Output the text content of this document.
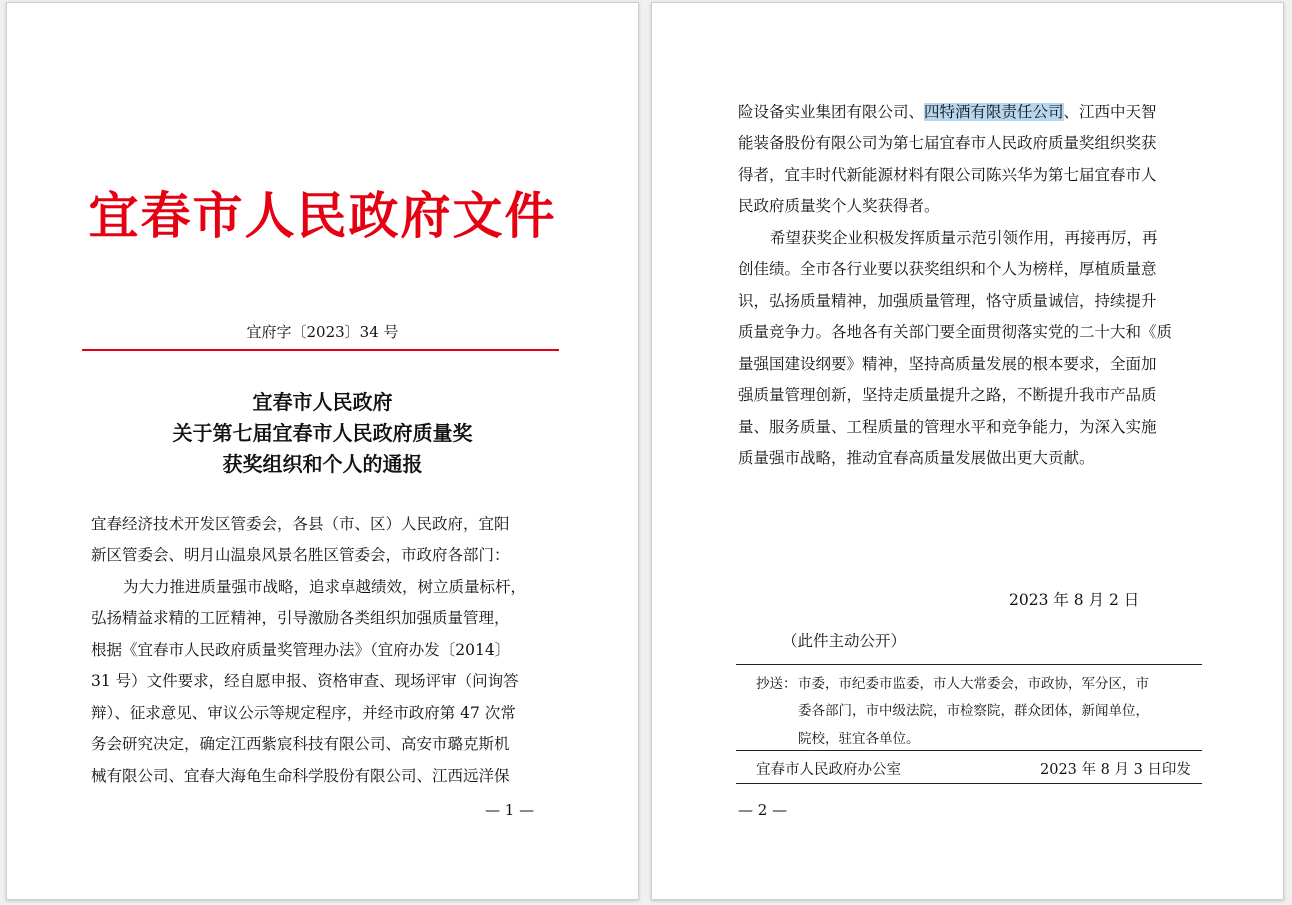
宜春市人民政府文件
宜府字〔2023〕34 号
宜春市人民政府
关于第七届宜春市人民政府质量奖
获奖组织和个人的通报
宜春经济技术开发区管委会，各县（市、区）人民政府，宜阳
新区管委会、明月山温泉风景名胜区管委会，市政府各部门：
为大力推进质量强市战略，追求卓越绩效，树立质量标杆，
弘扬精益求精的工匠精神，引导激励各类组织加强质量管理，
根据《宜春市人民政府质量奖管理办法》（宜府办发〔2014〕
31 号）文件要求，经自愿申报、资格审查、现场评审（问询答
辩）、征求意见、审议公示等规定程序，并经市政府第 47 次常
务会研究决定，确定江西紫宸科技有限公司、高安市璐克斯机
械有限公司、宜春大海龟生命科学股份有限公司、江西远洋保
— 1 —
险设备实业集团有限公司、四特酒有限责任公司、江西中天智
能装备股份有限公司为第七届宜春市人民政府质量奖组织奖获
得者，宜丰时代新能源材料有限公司陈兴华为第七届宜春市人
民政府质量奖个人奖获得者。
希望获奖企业积极发挥质量示范引领作用，再接再厉，再
创佳绩。全市各行业要以获奖组织和个人为榜样，厚植质量意
识，弘扬质量精神，加强质量管理，恪守质量诚信，持续提升
质量竞争力。各地各有关部门要全面贯彻落实党的二十大和《质
量强国建设纲要》精神，坚持高质量发展的根本要求，全面加
强质量管理创新，坚持走质量提升之路，不断提升我市产品质
量、服务质量、工程质量的管理水平和竞争能力，为深入实施
质量强市战略，推动宜春高质量发展做出更大贡献。
2023 年 8 月 2 日
（此件主动公开）
抄送： 市委，市纪委市监委，市人大常委会，市政协，军分区，市
委各部门，市中级法院，市检察院，群众团体，新闻单位，
院校，驻宜各单位。
宜春市人民政府办公室	2023 年 8 月 3 日印发
— 2 —
